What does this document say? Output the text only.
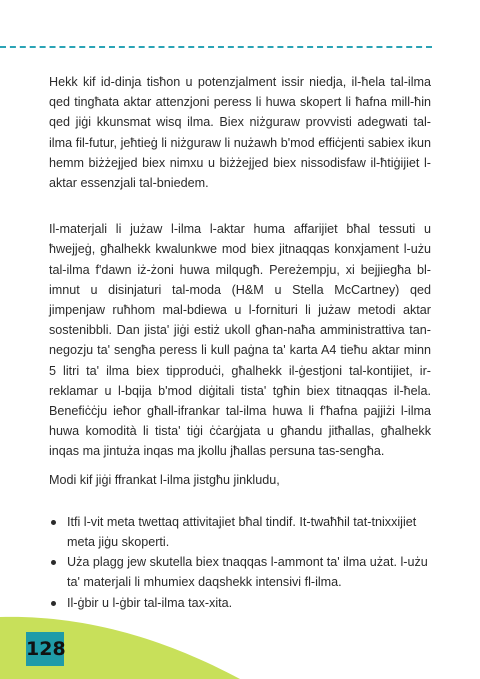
Hekk kif id-dinja tisħon u potenzjalment issir niedja, il-ħela tal-ilma qed tingħata aktar attenzjoni peress li huwa skopert li ħafna mill-ħin qed jiġi kkunsmat wisq ilma. Biex niżguraw provvisti adegwati tal-ilma fil-futur, jeħtieġ li niżguraw li nużawh b'mod effiċjenti sabiex ikun hemm biżżejjed biex nimxu u biżżejjed biex nissodisfaw il-ħtiġijiet l-aktar essenzjali tal-bniedem.

Il-materjali li jużaw l-ilma l-aktar huma affarijiet bħal tessuti u ħwejjeġ, għalhekk kwalunkwe mod biex jitnaqqas konxjament l-użu tal-ilma f'dawn iż-żoni huwa milqugħ. Pereżempju, xi bejjiegħa bl-imnut u disinjaturi tal-moda (H&M u Stella McCartney) qed jimpenjaw ruħhom mal-bdiewa u l-fornituri li jużaw metodi aktar sostenibbli. Dan jista' jiġi estiż ukoll għan-naħa amministrattiva tan-negozju ta' sengħa peress li kull paġna ta' karta A4 tieħu aktar minn 5 litri ta' ilma biex tipproduċi, għalhekk il-ġestjoni tal-kontijiet, ir-reklamar u l-bqija b'mod diġitali tista' tgħin biex titnaqqas il-ħela. Benefiċċju ieħor għall-ifrankar tal-ilma huwa li f'ħafna pajjiżi l-ilma huwa komodità li tista' tiġi ċċarġjata u għandu jitħallas, għalhekk inqas ma jintuża inqas ma jkollu jħallas persuna tas-sengħa.

Modi kif jiġi ffrankat l-ilma jistgħu jinkludu,

Itfi l-vit meta twettaq attivitajiet bħal tindif. It-twaħħil tat-tnixxijiet meta jiġu skoperti.
Uża plagg jew skutella biex tnaqqas l-ammont ta' ilma użat. l-użu ta' materjali li mhumiex daqshekk intensivi fl-ilma.
Il-ġbir u l-ġbir tal-ilma tax-xita.
128
